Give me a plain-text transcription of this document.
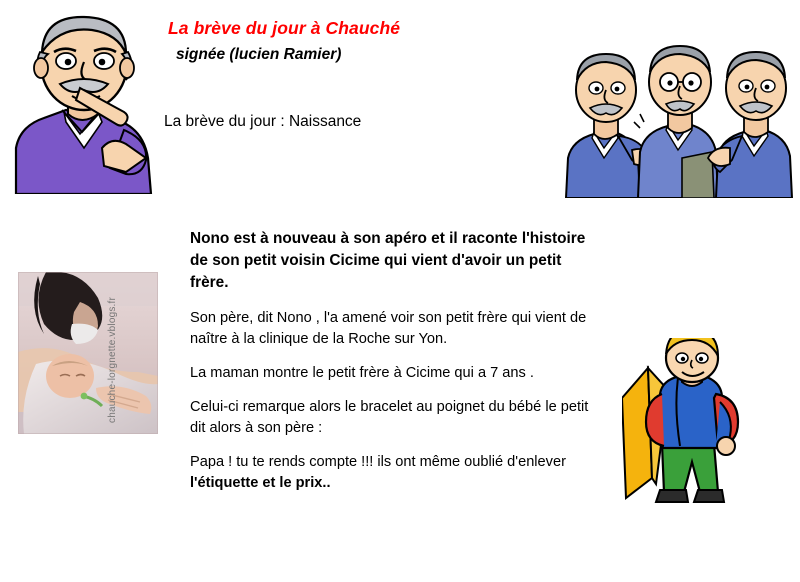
La brève du jour à Chauché
signée (lucien Ramier)
La brève du jour : Naissance

Nono est à nouveau à son apéro et il raconte l'histoire de son petit voisin Cicime qui vient d'avoir un petit frère.

Son père, dit Nono , l'a amené voir son petit frère qui vient de naître à la clinique de la Roche sur Yon.

La maman montre le petit frère à Cicime qui a 7 ans .

Celui-ci remarque alors le bracelet au poignet du bébé le petit dit alors à son père :

Papa ! tu te rends compte !!! ils ont même oublié d'enlever l'étiquette et le prix..

chauche-lorgnette.vblogs.fr
